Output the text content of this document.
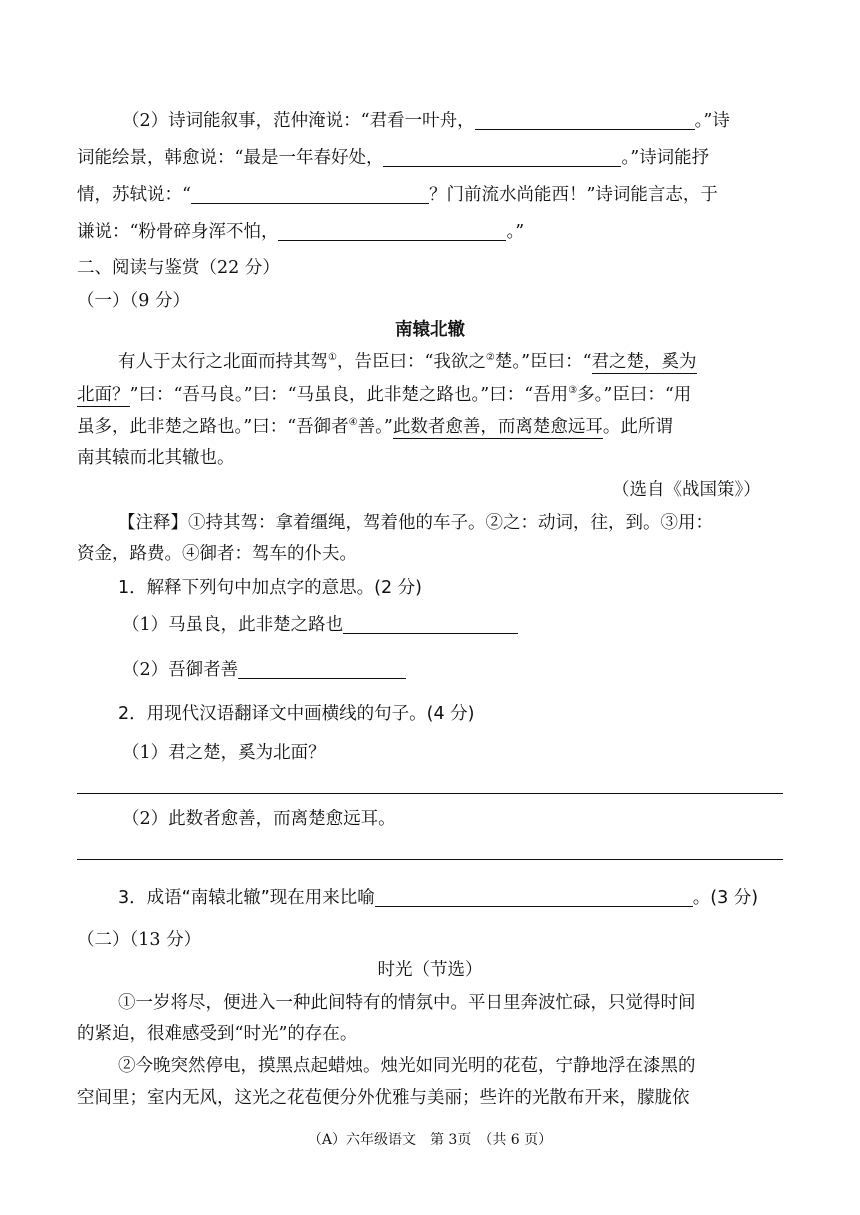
（2）诗词能叙事，范仲淹说：“君看一叶舟，	。”诗
词能绘景，韩愈说：“最是一年春好处，	。”诗词能抒
情，苏轼说：“	？门前流水尚能西！”诗词能言志，于
谦说：“粉骨碎身浑不怕，	。”
二、阅读与鉴赏（22 分）
（一）（9 分）
南辕北辙
有人于太行之北面而持其驾①，告臣曰：“我欲之②楚。”臣曰：“君之楚，奚为
北面？”曰：“吾马良。”曰：“马虽良，此非楚之路也。”曰：“吾用③多。”臣曰：“用
虽多，此非楚之路也。”曰：“吾御者④善。”此数者愈善，而离楚愈远耳。此所谓
南其辕而北其辙也。
（选自《战国策》）
【注释】①持其驾：拿着缰绳，驾着他的车子。②之：动词，往，到。③用：
资金，路费。④御者：驾车的仆夫。
1．解释下列句中加点字的意思。(2 分)
（1）马虽良，此非楚之路也
（2）吾御者善
2．用现代汉语翻译文中画横线的句子。(4 分)
（1）君之楚，奚为北面？
（2）此数者愈善，而离楚愈远耳。
3．成语“南辕北辙”现在用来比喻	。(3 分)
（二）（13 分）
时光（节选）
①一岁将尽，便进入一种此间特有的情氛中。平日里奔波忙碌，只觉得时间
的紧迫，很难感受到“时光”的存在。
②今晚突然停电，摸黑点起蜡烛。烛光如同光明的花苞，宁静地浮在漆黑的
空间里；室内无风，这光之花苞便分外优雅与美丽；些许的光散布开来，朦胧依
（A）六年级语文　第 3页　（共 6 页）
